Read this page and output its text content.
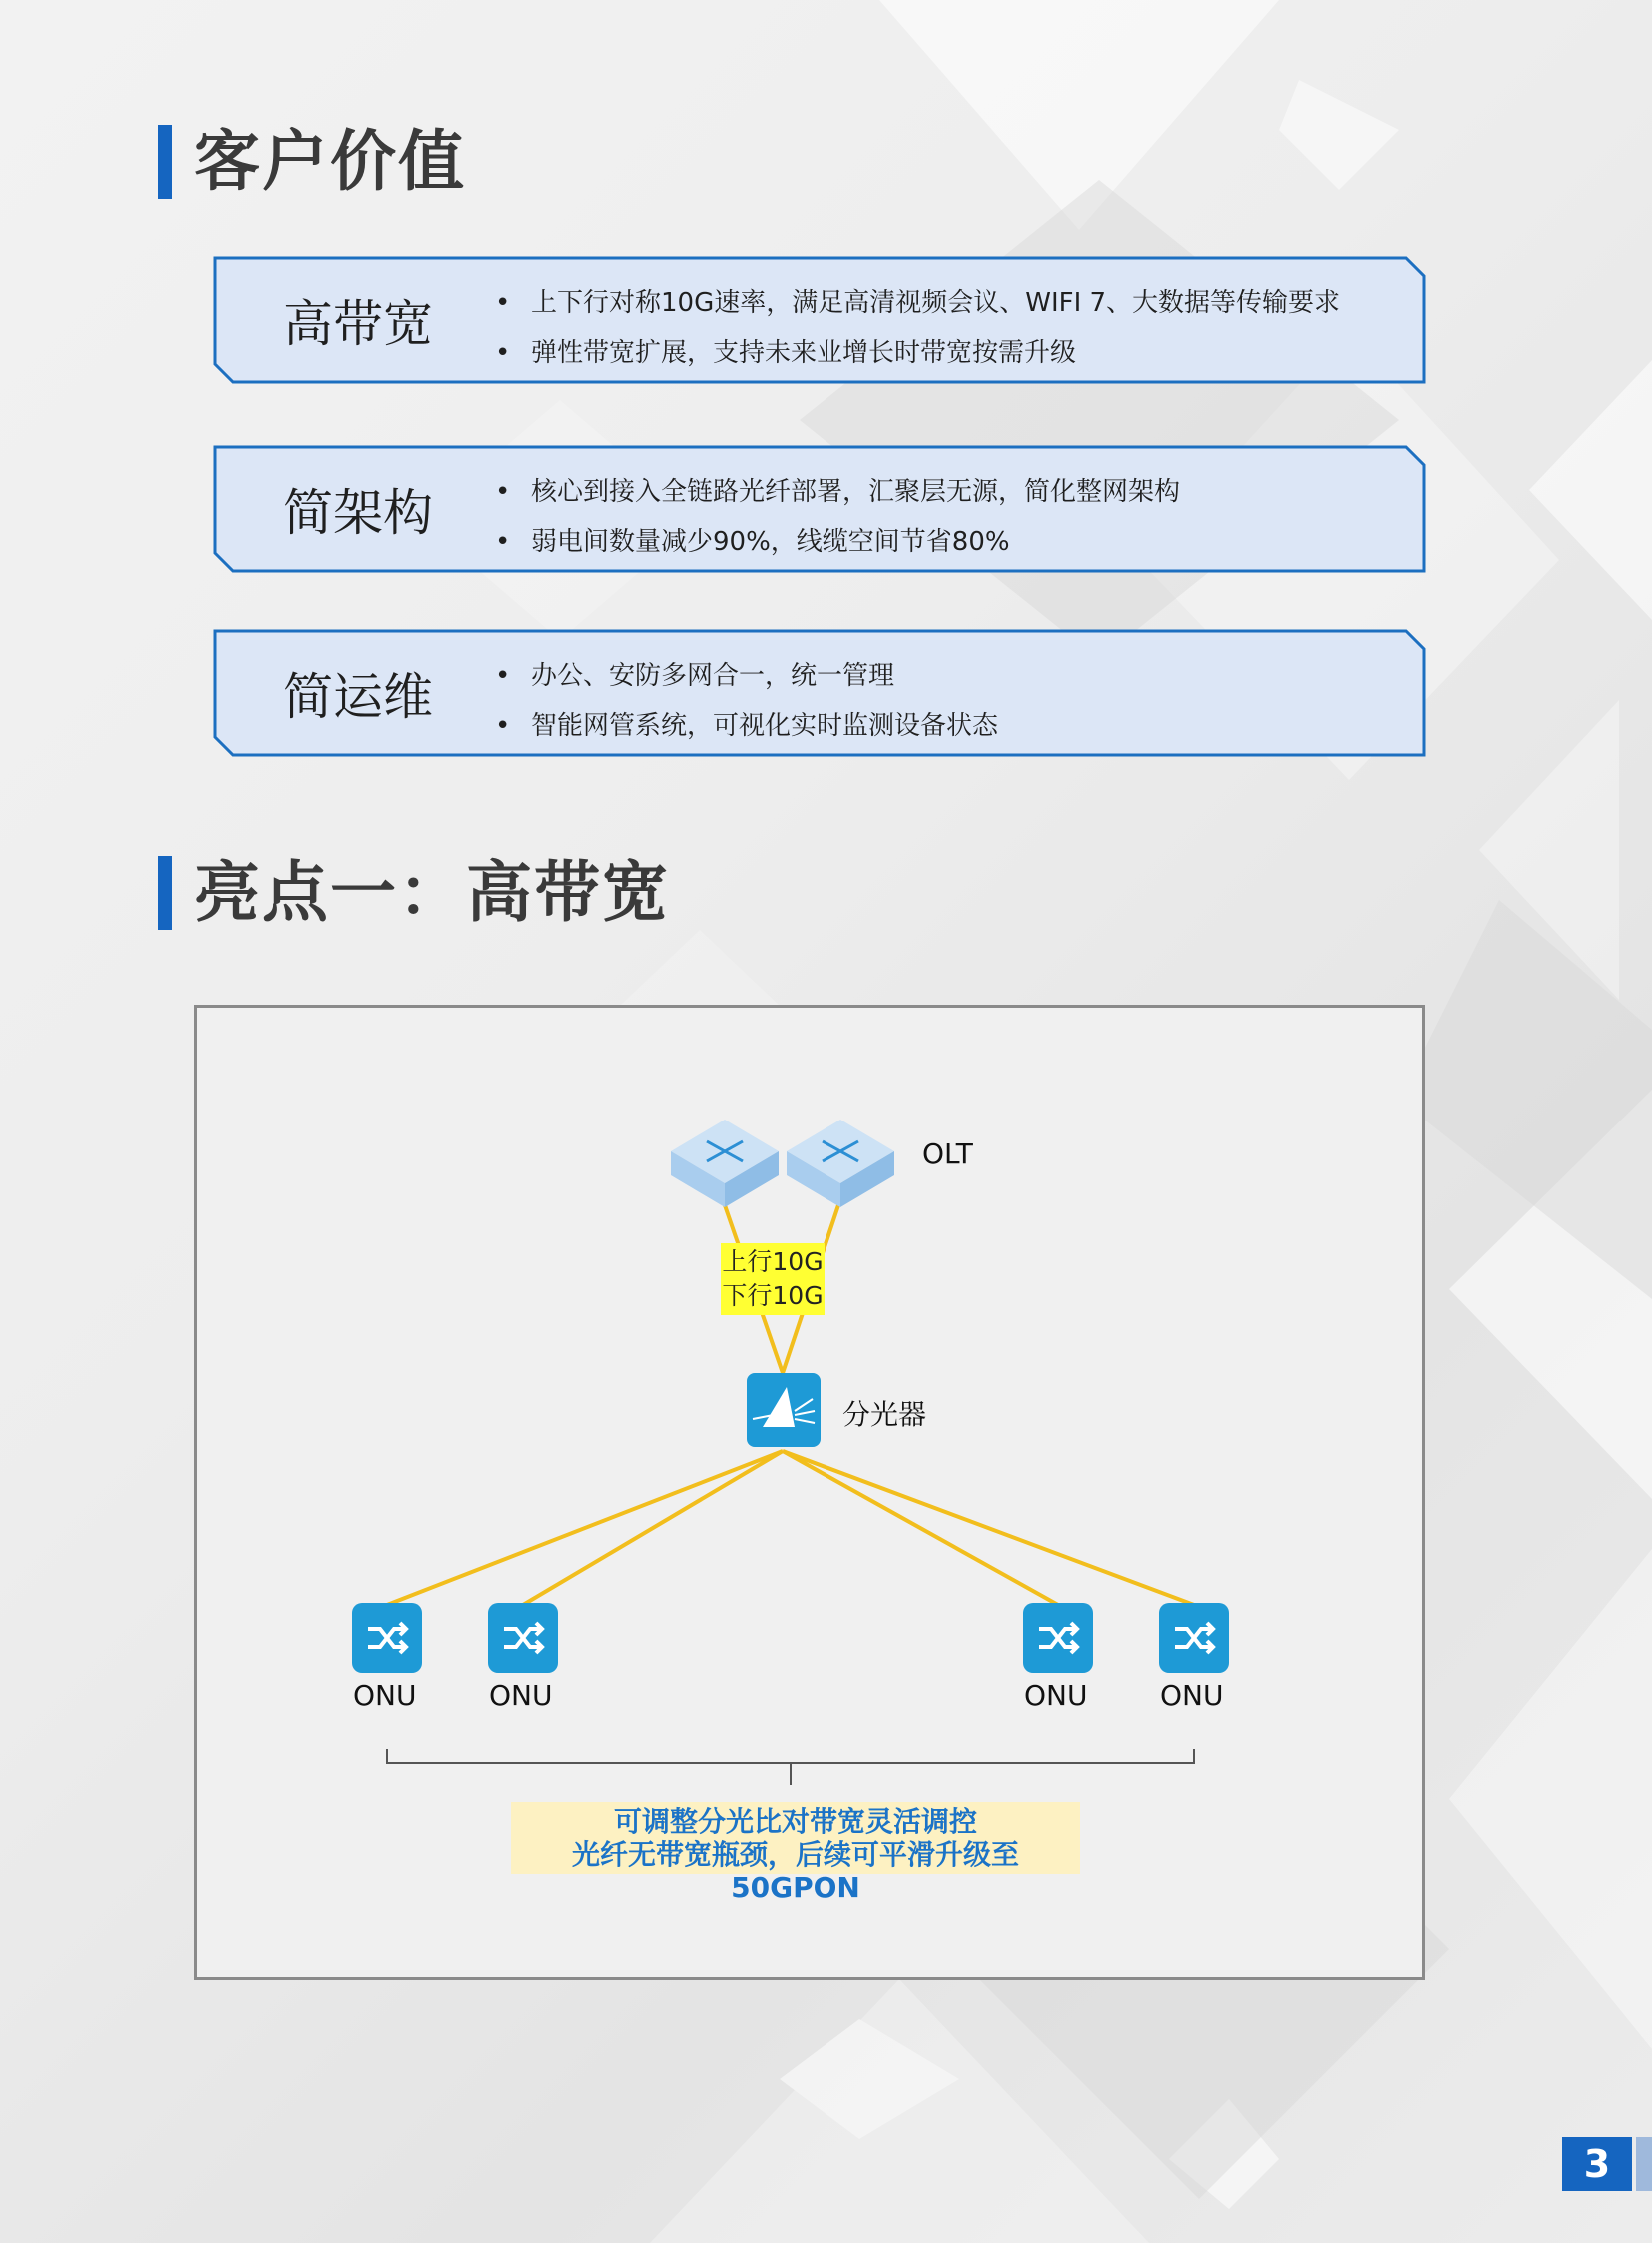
客户价值
高带宽 • 上下行对称10G速率，满足高清视频会议、WIFI 7、大数据等传输要求
• 弹性带宽扩展，支持未来业增长时带宽按需升级
简架构 • 核心到接入全链路光纤部署，汇聚层无源，简化整网架构
• 弱电间数量减少90%，线缆空间节省80%
简运维 • 办公、安防多网合一，统一管理
• 智能网管系统，可视化实时监测设备状态
亮点一：高带宽
OLT
上行10G
下行10G
分光器
ONU	ONU	ONU	ONU
可调整分光比对带宽灵活调控
光纤无带宽瓶颈，后续可平滑升级至50GPON
3
